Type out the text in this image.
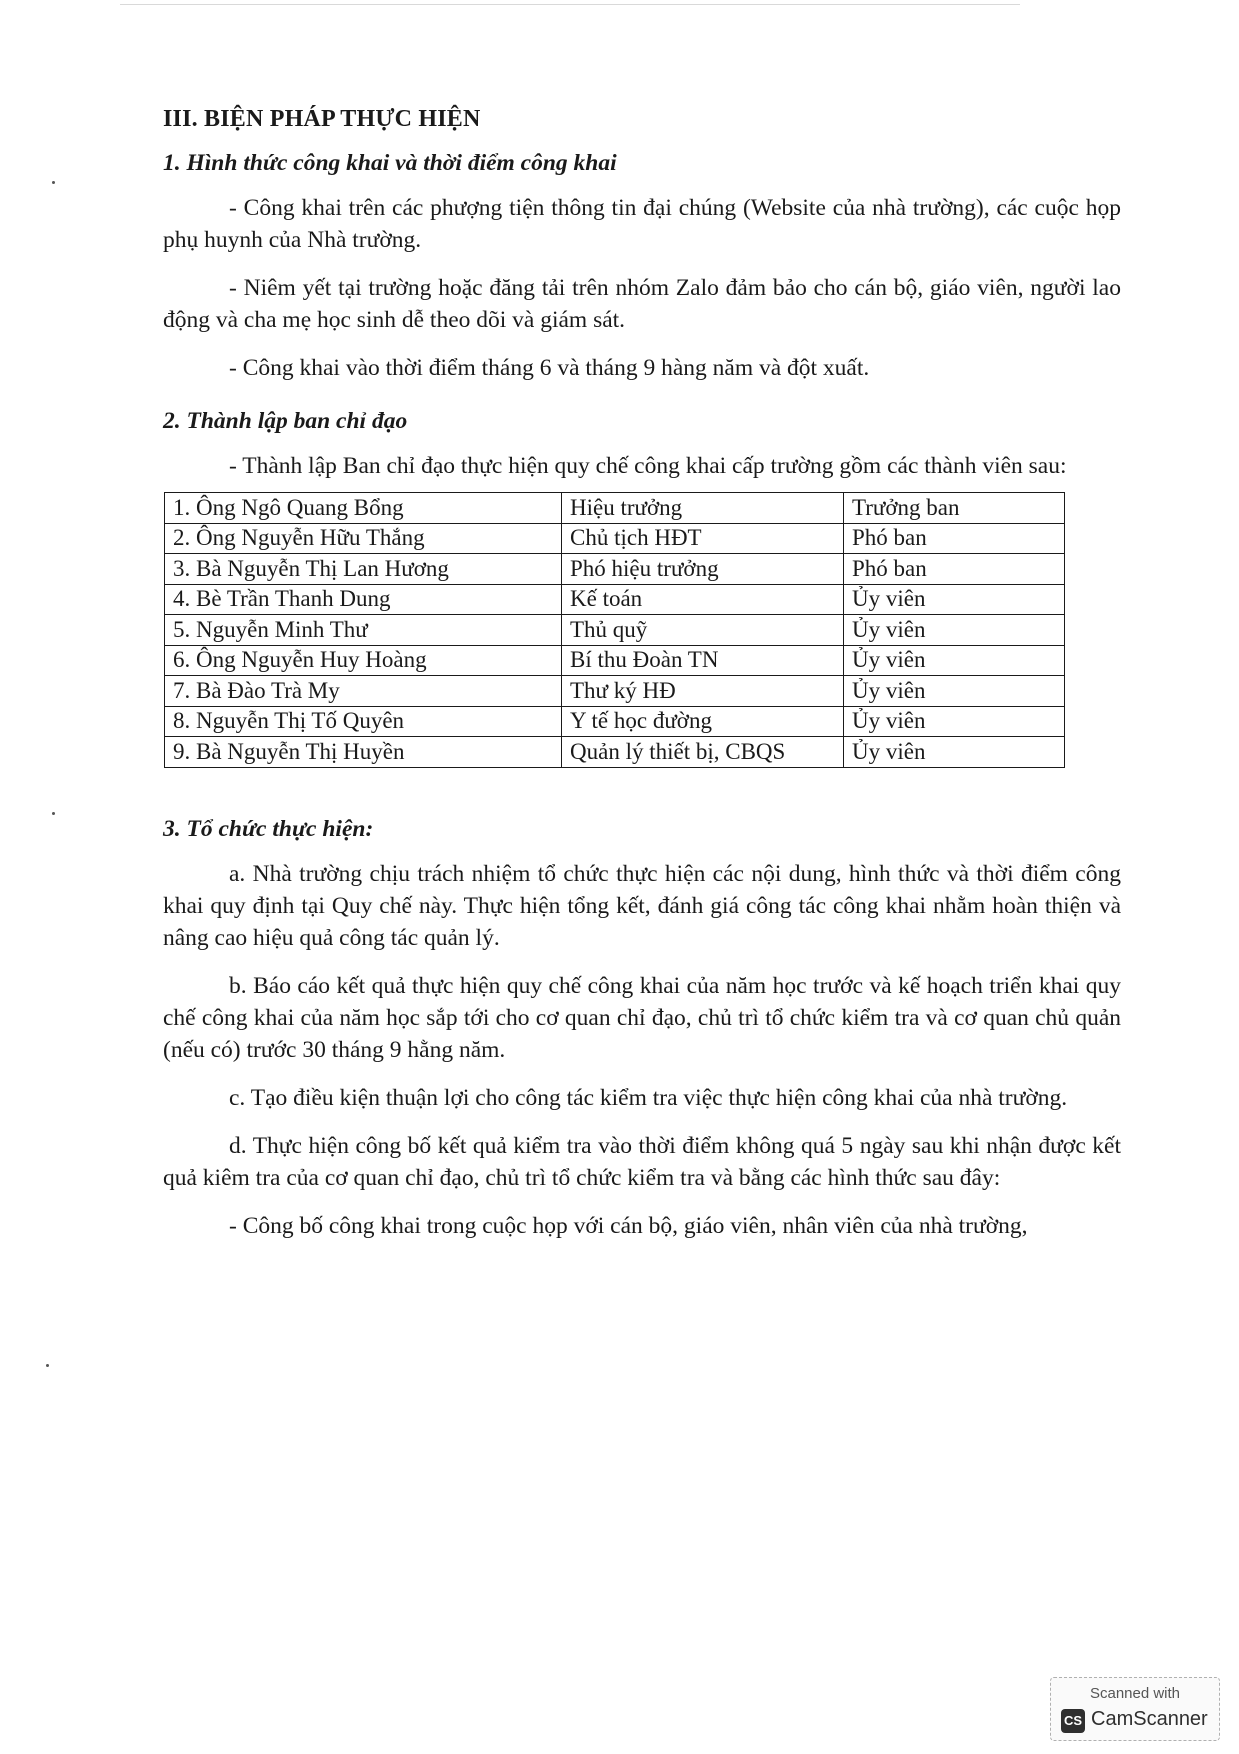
III. BIỆN PHÁP THỰC HIỆN
1. Hình thức công khai và thời điểm công khai

- Công khai trên các phượng tiện thông tin đại chúng (Website của nhà trường), các cuộc họp phụ huynh của Nhà trường.

- Niêm yết tại trường hoặc đăng tải trên nhóm Zalo đảm bảo cho cán bộ, giáo viên, người lao động và cha mẹ học sinh dễ theo dõi và giám sát.

- Công khai vào thời điểm tháng 6 và tháng 9 hàng năm và đột xuất.

2. Thành lập ban chỉ đạo

- Thành lập Ban chỉ đạo thực hiện quy chế công khai cấp trường gồm các thành viên sau:

1. Ông Ngô Quang Bổng	Hiệu trưởng	Trưởng ban
2. Ông Nguyễn Hữu Thắng	Chủ tịch HĐT	Phó ban
3. Bà Nguyễn Thị Lan Hương	Phó hiệu trưởng	Phó ban
4. Bè Trần Thanh Dung	Kế toán	Ủy viên
5. Nguyễn Minh Thư	Thủ quỹ	Ủy viên
6. Ông Nguyễn Huy Hoàng	Bí thu Đoàn TN	Ủy viên
7. Bà Đào Trà My	Thư ký HĐ	Ủy viên
8. Nguyễn Thị Tố Quyên	Y tế học đường	Ủy viên
9. Bà Nguyễn Thị Huyền	Quản lý thiết bị, CBQS	Ủy viên
3. Tổ chức thực hiện:

a. Nhà trường chịu trách nhiệm tổ chức thực hiện các nội dung, hình thức và thời điểm công khai quy định tại Quy chế này. Thực hiện tổng kết, đánh giá công tác công khai nhằm hoàn thiện và nâng cao hiệu quả công tác quản lý.

b. Báo cáo kết quả thực hiện quy chế công khai của năm học trước và kế hoạch triển khai quy chế công khai của năm học sắp tới cho cơ quan chỉ đạo, chủ trì tổ chức kiểm tra và cơ quan chủ quản (nếu có) trước 30 tháng 9 hằng năm.

c. Tạo điều kiện thuận lợi cho công tác kiểm tra việc thực hiện công khai của nhà trường.

d. Thực hiện công bố kết quả kiểm tra vào thời điểm không quá 5 ngày sau khi nhận được kết quả kiêm tra của cơ quan chỉ đạo, chủ trì tổ chức kiểm tra và bằng các hình thức sau đây:

- Công bố công khai trong cuộc họp với cán bộ, giáo viên, nhân viên của nhà trường,

Scanned with
CS CamScanner
